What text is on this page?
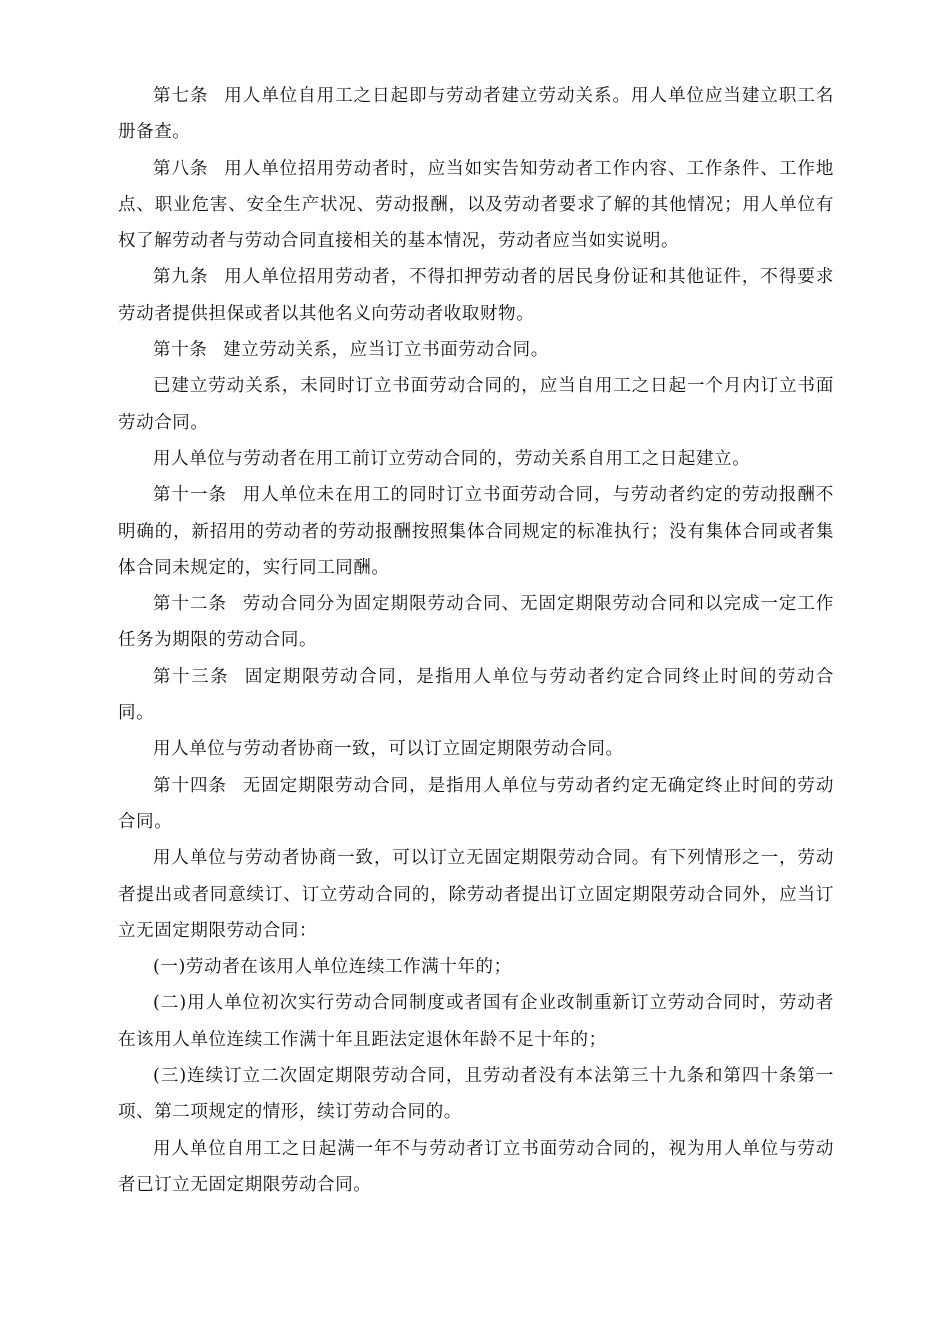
第七条 用人单位自用工之日起即与劳动者建立劳动关系。用人单位应当建立职工名册备查。

第八条 用人单位招用劳动者时，应当如实告知劳动者工作内容、工作条件、工作地点、职业危害、安全生产状况、劳动报酬，以及劳动者要求了解的其他情况；用人单位有权了解劳动者与劳动合同直接相关的基本情况，劳动者应当如实说明。

第九条 用人单位招用劳动者，不得扣押劳动者的居民身份证和其他证件，不得要求劳动者提供担保或者以其他名义向劳动者收取财物。

第十条 建立劳动关系，应当订立书面劳动合同。

已建立劳动关系，未同时订立书面劳动合同的，应当自用工之日起一个月内订立书面劳动合同。

用人单位与劳动者在用工前订立劳动合同的，劳动关系自用工之日起建立。

第十一条 用人单位未在用工的同时订立书面劳动合同，与劳动者约定的劳动报酬不明确的，新招用的劳动者的劳动报酬按照集体合同规定的标准执行；没有集体合同或者集体合同未规定的，实行同工同酬。

第十二条 劳动合同分为固定期限劳动合同、无固定期限劳动合同和以完成一定工作任务为期限的劳动合同。

第十三条 固定期限劳动合同，是指用人单位与劳动者约定合同终止时间的劳动合同。

用人单位与劳动者协商一致，可以订立固定期限劳动合同。

第十四条 无固定期限劳动合同，是指用人单位与劳动者约定无确定终止时间的劳动合同。

用人单位与劳动者协商一致，可以订立无固定期限劳动合同。有下列情形之一，劳动者提出或者同意续订、订立劳动合同的，除劳动者提出订立固定期限劳动合同外，应当订立无固定期限劳动合同：

(一)劳动者在该用人单位连续工作满十年的；

(二)用人单位初次实行劳动合同制度或者国有企业改制重新订立劳动合同时，劳动者在该用人单位连续工作满十年且距法定退休年龄不足十年的；

(三)连续订立二次固定期限劳动合同，且劳动者没有本法第三十九条和第四十条第一项、第二项规定的情形，续订劳动合同的。

用人单位自用工之日起满一年不与劳动者订立书面劳动合同的，视为用人单位与劳动者已订立无固定期限劳动合同。
